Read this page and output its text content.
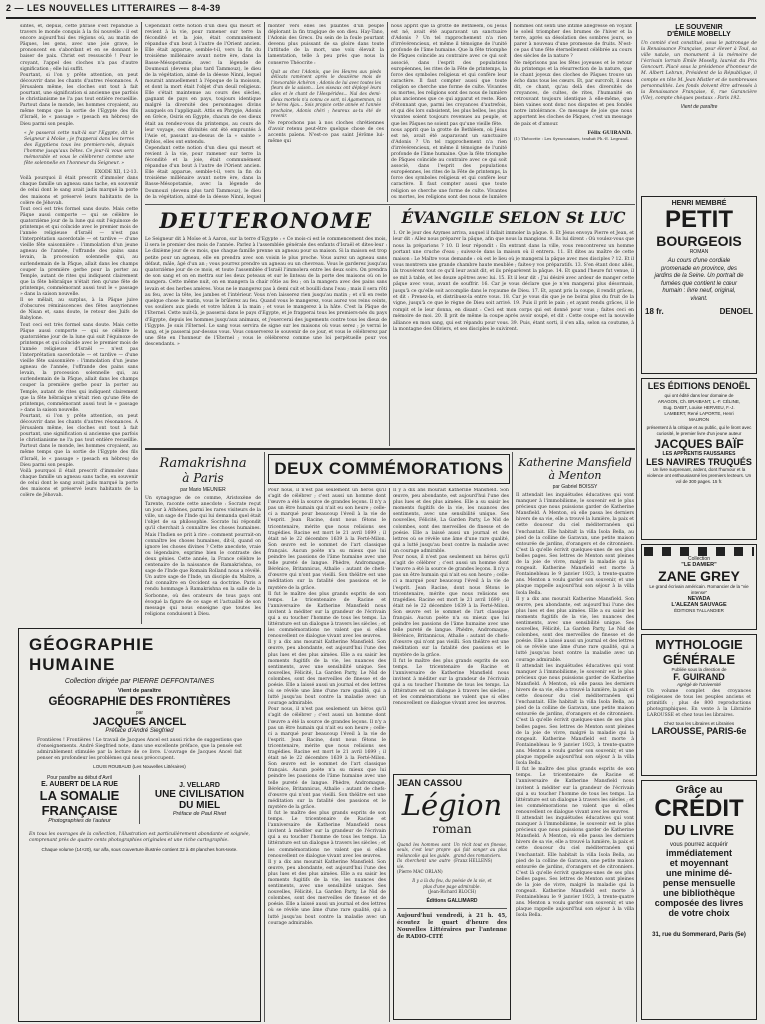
2 — LES NOUVELLES LITTERAIRES — 8-4-39

sintes, et, depuis, cette phrase s'est répandue à travers le monde conquis à la foi nouvelle : il est encore aujourd'hui des régions où, au matin de Pâques, les gens, avec une joie grave, le prononcent en s'abordant et en se donnant le baiser de paix. Christ est ressuscité ! Pour le croyant, l'appel des cloches n'a pas d'autre signification ; elle lui suffit.

Pourtant, si l'on y prête attention, on peut découvrir dans les chants d'autres résonances. À Jérusalem même, les cloches ont tout à fait pourtant, une signification si ancienne que parfois le christianisme ne l'a pas tout entière recueillie. Partout dans le monde, les hommes croyaient, au même temps que la sortie de l'Egypte des fils d'Israël, le « passage » (pesach en hébreu) de Dieu parmi son peuple.

« Je passerai cette nuit-là sur l'Egypte, dit le Seigneur à Moïse ; je frapperai dans les terres des Egyptiens tous les premiers-nés, depuis l'homme jusqu'aux bêtes. Ce jour-là vous sera mémorable et vous le célébrerez comme une fête solennelle en l'honneur du Seigneur. »

EXODE XII, 12-13.

Voilà pourquoi il était prescrit d'immoler dans chaque famille un agneau sans tache, en souvenir de celui dont le sang avait jadis marqué la porte des maisons et préservé leurs habitants de la colère de Jéhovah.

Tout ceci est très formel sans doute. Mais cette Pâque aussi comporte — qui se célèbre le quatorzième jour de la lune qui suit l'équinoxe de printemps et qui coïncide avec le premier mois de l'année religieuse d'Israël — n'est pas l'interprétation sacerdotale — et tardive — d'une vieille fête saisonnière : l'immolation d'un jeune agneau de l'année, l'offrande des pains sans levain, la procession solennelle qui, au surlendemain de la Pâque, allait dans les champs couper la première gerbe pour la porter au Temple, autant de rites qui indiquent clairement que la fête hébraïque n'était rien qu'une fête de printemps, commémorant aussi tout le « passage » dans la saison nouvelle.

Il se mêlait, au surplus, à la Pâque juive d'obscures réminiscences des fêtes assyriennes de Nisan et, sans doute, le retour des Juifs de Babylone.

Tout ceci est très formel sans doute. Mais cette Pâque aussi comporte — qui se célèbre le quatorzième jour de la lune qui suit l'équinoxe de printemps et qui coïncide avec le premier mois de l'année religieuse d'Israël — n'est pas l'interprétation sacerdotale — et tardive — d'une vieille fête saisonnière : l'immolation d'un jeune agneau de l'année, l'offrande des pains sans levain, la procession solennelle qui, au surlendemain de la Pâque, allait dans les champs couper la première gerbe pour la porter au Temple, autant de rites qui indiquent clairement que la fête hébraïque n'était rien qu'une fête de printemps, commémorant aussi tout le « passage » dans la saison nouvelle.

Pourtant, si l'on y prête attention, on peut découvrir dans les chants d'autres résonances. À Jérusalem même, les cloches ont tout à fait pourtant, une signification si ancienne que parfois le christianisme ne l'a pas tout entière recueillie. Partout dans le monde, les hommes croyaient, au même temps que la sortie de l'Egypte des fils d'Israël, le « passage » (pesach en hébreu) de Dieu parmi son peuple.

Voilà pourquoi il était prescrit d'immoler dans chaque famille un agneau sans tache, en souvenir de celui dont le sang avait jadis marqué la porte des maisons et préservé leurs habitants de la colère de Jéhovah.

Cependant cette notion d'un dieu qui meurt et revient à la vie, pour ramener sur terre la fécondité et la joie, était communément répandue d'un bout à l'autre de l'Orient ancien. Elle était apparue, semble-t-il, vers la fin du troisième millénaire avant notre ère, dans la Basse-Mésopotamie, avec la légende de Doumouzi (devenu plus tard Tammouz), le dieu de la végétation, aimé de la déesse Ninni, lequel mourait annuellement à l'époque de la moisson, et dont la mort était l'objet d'un deuil religieux. Elle s'était maintenue au cours des siècles, gagnant de pays en pays, toujours identique malgré la diversité des personnages divins auxquels on l'appliquait. Attis en Phrygie, Adonis en Grèce, Osiris en Egypte, chacun de ces dieux était au rendez-vous du printemps, au cours de leur voyage, ces divinités ont été empruntés à l'Asie et, passant au-dessus de la « sainte » Byblos, elles ont entendu.

Cependant cette notion d'un dieu qui meurt et revient à la vie, pour ramener sur terre la fécondité et la joie, était communément répandue d'un bout à l'autre de l'Orient ancien. Elle était apparue, semble-t-il, vers la fin du troisième millénaire avant notre ère, dans la Basse-Mésopotamie, avec la légende de Doumouzi (devenu plus tard Tammouz), le dieu de la végétation, aimé de la déesse Ninni, lequel

monter vers elles les plaintes d'un peuple déplorant la fin tragique de son dieu. Hay-Tano, l'Adonis des Grecs. Du sein de la foule pourtant devenu plus puissant de sa gloire dans toute l'attitude de la mort, une voix élevait la lamentation, telle à peu près que nous la conserve Théocrite :

Quit as chez l'Adonis, que les Heures aux pieds délicats ramènent après le douzième mois de l'inexorable Achéron ; Adonis de lui avec toutes les fleurs de la saison... Les oiseaux ont déployé leurs ailes et le chant de l'Hespérides... Nul des demi-dieux mortels n'a connu ce sort, ni Agamemnon, ni le héros Ajax... Sois propice cette année et l'année prochaine, Adonis chéri ; heureux as-tu été de revenir.

Ne reprochons pas à nos cloches chrétiennes d'avoir retenu peut-être quelque chose de ces accents païens. N'est-ce pas saint Jérôme lui-même qui

nous apprit que la grotte de Bethléem, où Jésus est né, avait été auparavant un sanctuaire d'Adonis ? Un tel rapprochement n'a rien d'irrévérencieux, et même il témoigne de l'unité profonde de l'âme humaine. Que la fête triomphe de Pâques coïncide au contraire avec ce qui soit associé, dans l'esprit des populations européennes, les rites de la Fête de printemps, la force des symboles religieux et qui confère leur caractère. Il faut compter aussi que toute religion se cherche une forme de culte. Vivantes ou mortes, les religions sont des nous de lumière plus anciennes que ce qui apparut et reste. Rien d'étonnant que, parmi les croyances d'autrefois, et qui dès lors subsistent, les plus belles, les plus vivantes soient toujours revenues au peuple, et que les Pâques ne soient pas qu'une vieille fête.

nous apprit que la grotte de Bethléem, où Jésus est né, avait été auparavant un sanctuaire d'Adonis ? Un tel rapprochement n'a rien d'irrévérencieux, et même il témoigne de l'unité profonde de l'âme humaine. Que la fête triomphe de Pâques coïncide au contraire avec ce qui soit associé, dans l'esprit des populations européennes, les rites de la Fête de printemps, la force des symboles religieux et qui confère leur caractère. Il faut compter aussi que toute religion se cherche une forme de culte. Vivantes ou mortes, les religions sont des nous de lumière

hommes ont senti une intime allégresse en voyant le soleil triompher des brumes de l'hiver et la terre, après sa désolation des sombres jours, se parer à nouveau d'une promesse de fruits. N'est-ce pas d'une fête éternellement célébrée au cours des siècles de la nature ?

Ne méprisons pas les fêtes joyeuses et le retour du printemps et la résurrection de la nature, que le chant joyeux des cloches de Pâques trouve un écho dans tous les cœurs. Et, par surcroît, il nous dit, ce chant, qu'au delà des diversités de croyances, de cultes, de rites, l'humanité en retrouvant toujours identique à elle-même, que bien vaines sont donc nos disputes et peu fondés notre intolérance. Ce message de joie que nous apportent les cloches de Pâques, c'est un message de paix et d'amour.

Félix GUIRAND.

(1) Théocrite : Les Syracusaines, traduit Ph.-E. Legrand.

LE SOUVENIR

D'ÉMILE MOBELLY

Un comité s'est constitué, sous le patronage de la Renaissance Française, pour élever à Toul, sa ville natale, un monument à la mémoire de l'écrivain lorrain Émile Moselly, lauréat du Prix Goncourt. Placé sous la présidence d'honneur de M. Albert Lebrun, Président de la République, il compte en tête M. Jean Mistler et de nombreuses personnalités. Les fonds doivent être adressés à la Renaissance Française, 6, rue Garancière (VIe), compte chèques postaux : Paris 192.

Vient de paraître

HENRI MEMBRÉ

PETIT

BOURGEOIS

ROMAN

Au cours d'une cordiale promenade en province, des jardins de la Seine. Un portrait de fumées que contient le cœur humain : livre neuf, original, vivant.

18 fr.	DENOEL

LES ÉDITIONS DENOËL

qui ont édité dans leur domaine de ARAGON, Ch. BRAIBANT, L.-F. CÉLINE, Eug. DABIT, Louise HERVIEU, F.-J. LAMBERT, René LAPORTE, Henri MAURON

présentent à la critique et au public, qui le liront avec curiosité, le premier livre d'un jeune auteur

JACQUES BAÏF

LES APPRENTIS FAUSSAIRES

LES NAVIRES TRUQUÉS

Un livre surprenant, ardent, dont l'humour et la violence ont enthousiasmé les premiers lecteurs. Un vol de 300 pages. 15 fr.

Collection

"LE DAMIER"

ZANE GREY

Le grand écrivain américain. Romancier de la "vie intense"

NEVADA

L'ALEZAN SAUVAGE

ÉDITIONS TALLANDIER

MYTHOLOGIE

GÉNÉRALE

Publiée sous la direction de

F. GUIRAND

Agrégé de l'Université

Un volume complet des croyances religieuses de tous les peuples anciens et primitifs ; plus de 800 reproductions photographiques. En vente à la Librairie LAROUSSE et chez tous les libraires.

Chez tous les Libraires et Librairies

LAROUSSE, PARIS-6e

Grâce au

CRÉDIT

DU LIVRE

vous pourrez acquérir

immédiatement

et moyennant

une minime dé-

pense mensuelle

une bibliothèque

composée des livres

de votre choix

31, rue du Sommerard, Paris (5e)

DEUTERONOME

Le Seigneur dit à Moïse et à Aaron, sur la terre d'Egypte : « Ce mois-ci est le commencement des mois, il sera le premier des mois de l'année. Parlez à l'assemblée générale des enfants d'Israël et dites-leur : Le dixième jour de ce mois, que chaque famille prenne un agneau pour sa maison. Si la maison est trop petite pour un agneau, elle en prendra avec son voisin le plus proche. Vous aurez un agneau sans défaut, mâle, âgé d'un an ; vous pourrez prendre un agneau ou un chevreau. Vous le garderez jusqu'au quatorzième jour de ce mois, et toute l'assemblée d'Israël l'immolera entre les deux soirs. On prendra de son sang et on en mettra sur les deux poteaux et sur le linteau de la porte des maisons où on le mangera. Cette même nuit, on en mangera la chair rôtie au feu ; on la mangera avec des pains sans levain et des herbes amères. Vous ne le mangerez pas à demi cuit et bouilli dans l'eau ; mais il sera rôti au feu, avec la tête, les jambes et l'intérieur. Vous n'en laisserez rien jusqu'au matin ; et s'il en reste quelque chose le matin, vous le brûlerez au feu. Quand vous le mangerez, vous aurez vos reins ceints, vos souliers aux pieds et votre bâton à la main ; et vous le mangerez à la hâte. C'est la Pâque de l'Eternel. Cette nuit-là, je passerai dans le pays d'Egypte, et je frapperai tous les premiers-nés du pays d'Egypte, depuis les hommes jusqu'aux animaux, et j'exercerai des jugements contre tous les dieux de l'Egypte. Je suis l'Eternel. Le sang vous servira de signe sur les maisons où vous serez ; je verrai le sang, et je passerai par-dessus vous. Vous conserverez le souvenir de ce jour, et vous le célébrerez par une fête en l'honneur de l'Eternel ; vous le célébrerez comme une loi perpétuelle pour vos descendants. »

ÉVANGILE SELON St LUC

1. Or le jour des Azymes arriva, auquel il fallait immoler la pâque. 8. Et Jésus envoya Pierre et Jean, et leur dit : Allez nous préparer la pâque, afin que nous la mangions. 9. Ils lui dirent : Où voulez-vous que nous la préparions ? 10. Il leur répondit : En entrant dans la ville, vous rencontrerez un homme portant une cruche d'eau ; suivez-le dans la maison où il entrera. 11. Et dites au maître de cette maison : Le Maître vous demande : où est le lieu où je mangerai la pâque avec mes disciples ? 12. Et il vous montrera une grande chambre haute meublée ; faites-y vos préparatifs. 13. S'en étant donc allés, ils trouvèrent tout ce qu'il leur avait dit, et ils préparèrent la pâque. 14. Et quand l'heure fut venue, il se mit à table, et les douze apôtres avec lui. 15. Et il leur dit : J'ai désiré avec ardeur de manger cette pâque avec vous, avant de souffrir. 16. Car je vous déclare que je n'en mangerai plus désormais, jusqu'à ce qu'elle soit accomplie dans le royaume de Dieu. 17. Et, ayant pris la coupe, il rendit grâces, et dit : Prenez-la, et distribuez-la entre vous. 18. Car je vous dis que je ne boirai plus du fruit de la vigne, jusqu'à ce que le règne de Dieu soit arrivé. 19. Puis il prit le pain ; et ayant rendu grâces, il le rompit et le leur donna, en disant : Ceci est mon corps qui est donné pour vous ; faites ceci en mémoire de moi. 20. Il prit de même la coupe après avoir soupé, et dit : Cette coupe est la nouvelle alliance en mon sang, qui est répandu pour vous. 39. Puis, étant sorti, il s'en alla, selon sa coutume, à la montagne des Oliviers, et ses disciples le suivirent.

Ramakrishna

à Paris

par Mario MEUNIER

Un synagogue de ce comme, Aristoxène de Tarente, raconte cette anecdote : Socrate reçut un jour à Athènes, parmi les rares visiteurs de la ville, un sage de l'Inde qui lui demanda quel était l'objet de sa philosophie. Socrate lui répondit qu'il cherchait à connaître les choses humaines. Mais l'Indien se prit à rire : comment pourrait-on connaître les choses humaines, dit-il, quand on ignore les choses divines ? Cette anecdote, vraie ou légendaire, exprime bien le contraste des deux génies. Cette année, la France célèbre le centenaire de la naissance de Ramakrishna, ce sage de l'Inde que Romain Rolland nous a révélé. Un autre sage de l'Inde, un disciple du Maître, a fait connaître en Occident sa doctrine. Paris a rendu hommage à Ramakrishna en la salle de la Sorbonne, où des orateurs de tous pays ont évoqué la figure de ce sage et l'actualité de son message qui nous enseigne que toutes les religions conduisent à Dieu.

DEUX COMMÉMORATIONS

Pour nous, il n'est pas seulement un héros qu'il s'agit de célébrer ; c'est aussi un homme dont l'œuvre a été la source de grandes leçons. Il n'y a pas un être humain qui n'ait eu son heure ; celle-ci a marqué pour beaucoup l'éveil à la vie de l'esprit. Jean Racine, dont nous fêtons le tricentenaire, mérite que nous relisions ses tragédies. Racine est mort le 21 avril 1699 ; il était né le 22 décembre 1639 à la Ferté-Milon. Son œuvre est le sommet de l'art classique français. Aucun poète n'a su mieux que lui peindre les passions de l'âme humaine avec une telle pureté de langue. Phèdre, Andromaque, Bérénice, Britannicus, Athalie : autant de chefs-d'œuvre qui n'ont pas vieilli. Son théâtre est une méditation sur la fatalité des passions et le mystère de la grâce.

Il fut le maître des plus grands esprits de son temps. Le tricentenaire de Racine et l'anniversaire de Katherine Mansfield nous invitent à méditer sur la grandeur de l'écrivain qui a su toucher l'homme de tous les temps. La littérature est un dialogue à travers les siècles ; et les commémorations ne valent que si elles renouvellent ce dialogue vivant avec les œuvres.

Il y a dix ans mourait Katherine Mansfield. Son œuvre, peu abondante, est aujourd'hui l'une des plus lues et des plus aimées. Elle a su saisir les moments fugitifs de la vie, les nuances des sentiments, avec une sensibilité unique. Ses nouvelles, Félicité, La Garden Party, Le Nid de colombes, sont des merveilles de finesse et de poésie. Elle a laissé aussi un journal et des lettres où se révèle une âme d'une rare qualité, qui a lutté jusqu'au bout contre la maladie avec un courage admirable.

Pour nous, il n'est pas seulement un héros qu'il s'agit de célébrer ; c'est aussi un homme dont l'œuvre a été la source de grandes leçons. Il n'y a pas un être humain qui n'ait eu son heure ; celle-ci a marqué pour beaucoup l'éveil à la vie de l'esprit. Jean Racine, dont nous fêtons le tricentenaire, mérite que nous relisions ses tragédies. Racine est mort le 21 avril 1699 ; il était né le 22 décembre 1639 à la Ferté-Milon. Son œuvre est le sommet de l'art classique français. Aucun poète n'a su mieux que lui peindre les passions de l'âme humaine avec une telle pureté de langue. Phèdre, Andromaque, Bérénice, Britannicus, Athalie : autant de chefs-d'œuvre qui n'ont pas vieilli. Son théâtre est une méditation sur la fatalité des passions et le mystère de la grâce.

Il fut le maître des plus grands esprits de son temps. Le tricentenaire de Racine et l'anniversaire de Katherine Mansfield nous invitent à méditer sur la grandeur de l'écrivain qui a su toucher l'homme de tous les temps. La littérature est un dialogue à travers les siècles ; et les commémorations ne valent que si elles renouvellent ce dialogue vivant avec les œuvres.

Il y a dix ans mourait Katherine Mansfield. Son œuvre, peu abondante, est aujourd'hui l'une des plus lues et des plus aimées. Elle a su saisir les moments fugitifs de la vie, les nuances des sentiments, avec une sensibilité unique. Ses nouvelles, Félicité, La Garden Party, Le Nid de colombes, sont des merveilles de finesse et de poésie. Elle a laissé aussi un journal et des lettres où se révèle une âme d'une rare qualité, qui a lutté jusqu'au bout contre la maladie avec un courage admirable.

Il y a dix ans mourait Katherine Mansfield. Son œuvre, peu abondante, est aujourd'hui l'une des plus lues et des plus aimées. Elle a su saisir les moments fugitifs de la vie, les nuances des sentiments, avec une sensibilité unique. Ses nouvelles, Félicité, La Garden Party, Le Nid de colombes, sont des merveilles de finesse et de poésie. Elle a laissé aussi un journal et des lettres où se révèle une âme d'une rare qualité, qui a lutté jusqu'au bout contre la maladie avec un courage admirable.

Pour nous, il n'est pas seulement un héros qu'il s'agit de célébrer ; c'est aussi un homme dont l'œuvre a été la source de grandes leçons. Il n'y a pas un être humain qui n'ait eu son heure ; celle-ci a marqué pour beaucoup l'éveil à la vie de l'esprit. Jean Racine, dont nous fêtons le tricentenaire, mérite que nous relisions ses tragédies. Racine est mort le 21 avril 1699 ; il était né le 22 décembre 1639 à la Ferté-Milon. Son œuvre est le sommet de l'art classique français. Aucun poète n'a su mieux que lui peindre les passions de l'âme humaine avec une telle pureté de langue. Phèdre, Andromaque, Bérénice, Britannicus, Athalie : autant de chefs-d'œuvre qui n'ont pas vieilli. Son théâtre est une méditation sur la fatalité des passions et le mystère de la grâce.

Il fut le maître des plus grands esprits de son temps. Le tricentenaire de Racine et l'anniversaire de Katherine Mansfield nous invitent à méditer sur la grandeur de l'écrivain qui a su toucher l'homme de tous les temps. La littérature est un dialogue à travers les siècles ; et les commémorations ne valent que si elles renouvellent ce dialogue vivant avec les œuvres.

Katherine Mansfield

à Menton

par Gabriel BOISSY

Il attendait les inquiétudes éducatives qui vont manquer à l'immobilisme, le souvenir est le plus précieux que nous puissions garder de Katherine Mansfield. À Menton, où elle passa les derniers hivers de sa vie, elle a trouvé la lumière, la paix et cette douceur du ciel méditerranéen qui l'enchantait. Elle habitait la villa Isola Bella, au pied de la colline de Garavan, une petite maison entourée de jardins, d'orangers et de citronniers. C'est là qu'elle écrivit quelques-unes de ses plus belles pages. Ses lettres de Menton sont pleines de la joie de vivre, malgré la maladie qui la rongeait. Katherine Mansfield est morte à Fontainebleau le 9 janvier 1923, à trente-quatre ans. Menton a voulu garder son souvenir, et une plaque rappelle aujourd'hui son séjour à la villa Isola Bella.

Il y a dix ans mourait Katherine Mansfield. Son œuvre, peu abondante, est aujourd'hui l'une des plus lues et des plus aimées. Elle a su saisir les moments fugitifs de la vie, les nuances des sentiments, avec une sensibilité unique. Ses nouvelles, Félicité, La Garden Party, Le Nid de colombes, sont des merveilles de finesse et de poésie. Elle a laissé aussi un journal et des lettres où se révèle une âme d'une rare qualité, qui a lutté jusqu'au bout contre la maladie avec un courage admirable.

Il attendait les inquiétudes éducatives qui vont manquer à l'immobilisme, le souvenir est le plus précieux que nous puissions garder de Katherine Mansfield. À Menton, où elle passa les derniers hivers de sa vie, elle a trouvé la lumière, la paix et cette douceur du ciel méditerranéen qui l'enchantait. Elle habitait la villa Isola Bella, au pied de la colline de Garavan, une petite maison entourée de jardins, d'orangers et de citronniers. C'est là qu'elle écrivit quelques-unes de ses plus belles pages. Ses lettres de Menton sont pleines de la joie de vivre, malgré la maladie qui la rongeait. Katherine Mansfield est morte à Fontainebleau le 9 janvier 1923, à trente-quatre ans. Menton a voulu garder son souvenir, et une plaque rappelle aujourd'hui son séjour à la villa Isola Bella.

Il fut le maître des plus grands esprits de son temps. Le tricentenaire de Racine et l'anniversaire de Katherine Mansfield nous invitent à méditer sur la grandeur de l'écrivain qui a su toucher l'homme de tous les temps. La littérature est un dialogue à travers les siècles ; et les commémorations ne valent que si elles renouvellent ce dialogue vivant avec les œuvres.

Il attendait les inquiétudes éducatives qui vont manquer à l'immobilisme, le souvenir est le plus précieux que nous puissions garder de Katherine Mansfield. À Menton, où elle passa les derniers hivers de sa vie, elle a trouvé la lumière, la paix et cette douceur du ciel méditerranéen qui l'enchantait. Elle habitait la villa Isola Bella, au pied de la colline de Garavan, une petite maison entourée de jardins, d'orangers et de citronniers. C'est là qu'elle écrivit quelques-unes de ses plus belles pages. Ses lettres de Menton sont pleines de la joie de vivre, malgré la maladie qui la rongeait. Katherine Mansfield est morte à Fontainebleau le 9 janvier 1923, à trente-quatre ans. Menton a voulu garder son souvenir, et une plaque rappelle aujourd'hui son séjour à la villa Isola Bella.

GÉOGRAPHIE

HUMAINE

Collection dirigée par PIERRE DEFFONTAINES

Vient de paraître

GÉOGRAPHIE DES FRONTIÈRES

par

JACQUES ANCEL

Préface d'André Siegfried

Frontières ! Frontières ! Le travail de Jacques Ancel est aussi riche de suggestions que d'enseignements. André Siegfried note, dans une excellente préface, que la pensée est admirablement stimulée par la lecture de ce livre. L'ouvrage de Jacques Ancel fait penser en profondeur les problèmes qui nous préoccupent.

LOUIS ROUBAUD (Les Nouvelles Littéraires)

Pour paraître au début d'Avril

E. AUBERT DE LA RUE

LA SOMALIE

FRANÇAISE

Photographies de l'auteur

J. VELLARD

UNE CIVILISATION

DU MIEL

Préface de Paul Rivet

En tous les ouvrages de la collection, l'illustration est particulièrement abondante et soignée, comprenant près de quatre cents photographies originales et une riche cartographie.

Chaque volume (14×20), sur alfa, sous couverture illustrée contient 32 à 48 planches hors-texte.

JEAN CASSOU

Légion

roman

Quand les hommes sont seuls, c'est leur propre mélancolie qui les guide. Ils cherchent une autre vie.

(Pierre MAC ORLAN)

Un récit tout en finesse, qui fait songer au plus grand des romanciers.

(Franz HELLENS)

Il y a là du feu, du poésie de la vie, et plus d'une page admirable.

(Jean-Richard BLOCH)

Éditions GALLIMARD

Aujourd'hui vendredi, à 21 h. 45, écoutez le quart d'heure des Nouvelles Littéraires par l'antenne de RADIO-CITÉ
